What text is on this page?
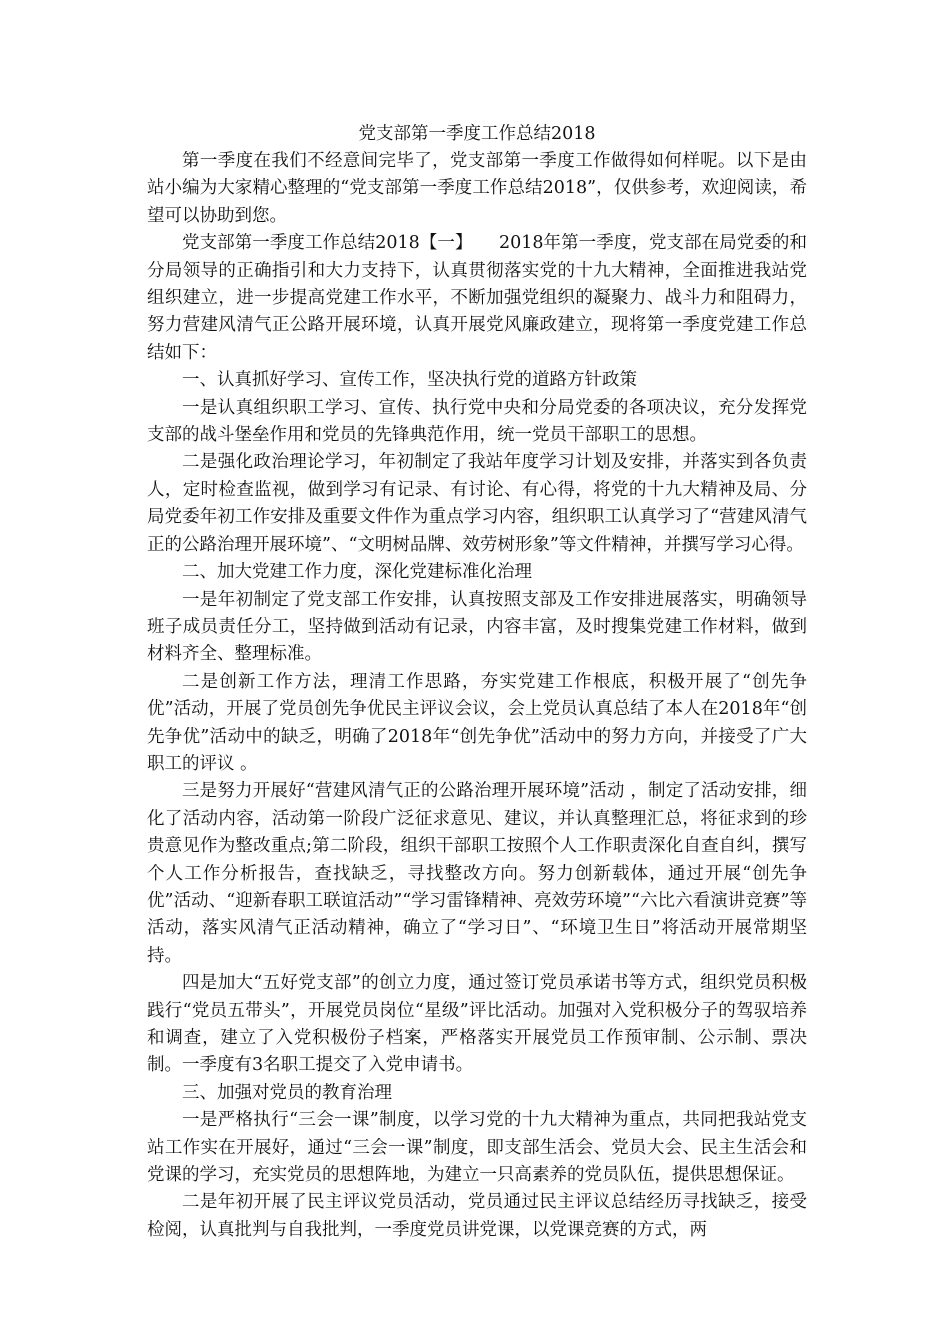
党支部第一季度工作总结2018

第一季度在我们不经意间完毕了，党支部第一季度工作做得如何样呢。以下是由站小编为大家精心整理的“党支部第一季度工作总结2018”，仅供参考，欢迎阅读，希望可以协助到您。

党支部第一季度工作总结2018【一】　　2018年第一季度，党支部在局党委的和分局领导的正确指引和大力支持下，认真贯彻落实党的十九大精神，全面推进我站党组织建立，进一步提高党建工作水平，不断加强党组织的凝聚力、战斗力和阻碍力，努力营建风清气正公路开展环境，认真开展党风廉政建立，现将第一季度党建工作总结如下：

一、认真抓好学习、宣传工作，坚决执行党的道路方针政策

一是认真组织职工学习、宣传、执行党中央和分局党委的各项决议，充分发挥党支部的战斗堡垒作用和党员的先锋典范作用，统一党员干部职工的思想。

二是强化政治理论学习，年初制定了我站年度学习计划及安排，并落实到各负责人，定时检查监视，做到学习有记录、有讨论、有心得，将党的十九大精神及局、分局党委年初工作安排及重要文件作为重点学习内容，组织职工认真学习了“营建风清气正的公路治理开展环境”、“文明树品牌、效劳树形象”等文件精神，并撰写学习心得。

二、加大党建工作力度，深化党建标准化治理

一是年初制定了党支部工作安排，认真按照支部及工作安排进展落实，明确领导班子成员责任分工，坚持做到活动有记录，内容丰富，及时搜集党建工作材料，做到材料齐全、整理标准。

二是创新工作方法，理清工作思路，夯实党建工作根底，积极开展了“创先争优”活动，开展了党员创先争优民主评议会议，会上党员认真总结了本人在2018年“创先争优”活动中的缺乏，明确了2018年“创先争优”活动中的努力方向，并接受了广大职工的评议 。

三是努力开展好“营建风清气正的公路治理开展环境”活动 ，制定了活动安排，细化了活动内容，活动第一阶段广泛征求意见、建议，并认真整理汇总，将征求到的珍贵意见作为整改重点;第二阶段，组织干部职工按照个人工作职责深化自查自纠，撰写个人工作分析报告，查找缺乏，寻找整改方向。努力创新载体，通过开展“创先争优”活动、“迎新春职工联谊活动”“学习雷锋精神、亮效劳环境”“六比六看演讲竞赛”等活动，落实风清气正活动精神，确立了“学习日”、“环境卫生日”将活动开展常期坚持。

四是加大“五好党支部”的创立力度，通过签订党员承诺书等方式，组织党员积极践行“党员五带头”，开展党员岗位“星级”评比活动。加强对入党积极分子的驾驭培养和调查，建立了入党积极份子档案，严格落实开展党员工作预审制、公示制、票决制。一季度有3名职工提交了入党申请书。

三、加强对党员的教育治理

一是严格执行“三会一课”制度，以学习党的十九大精神为重点，共同把我站党支站工作实在开展好，通过“三会一课”制度，即支部生活会、党员大会、民主生活会和党课的学习，充实党员的思想阵地，为建立一只高素养的党员队伍，提供思想保证。

二是年初开展了民主评议党员活动，党员通过民主评议总结经历寻找缺乏，接受检阅，认真批判与自我批判，一季度党员讲党课，以党课竞赛的方式，两
